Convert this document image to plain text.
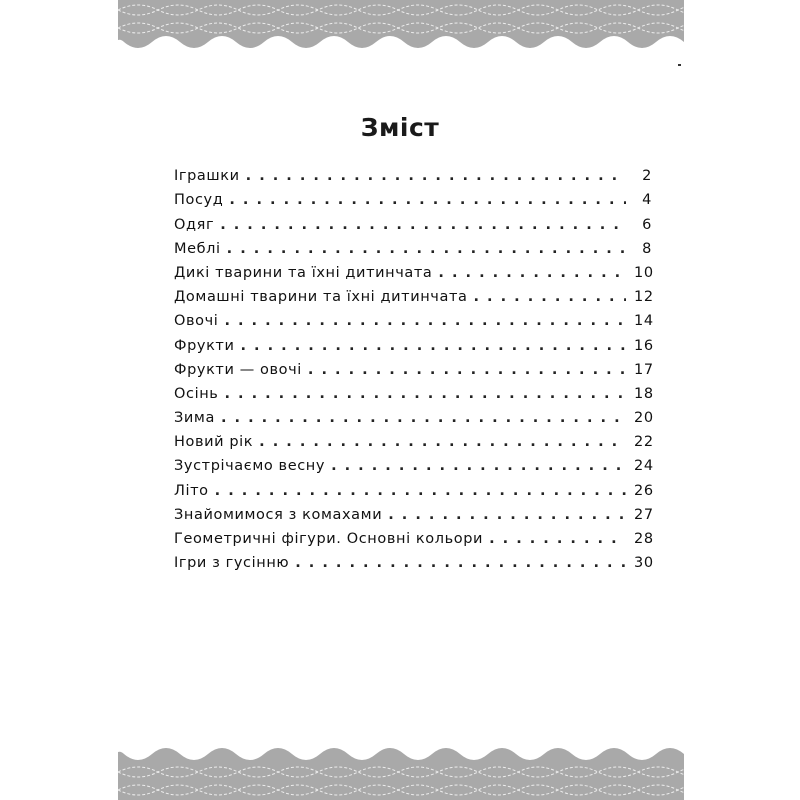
Зміст
Іграшки . . .	2
Посуд . . .	4
Одяг . . .	6
Меблі . . .	8
Дикі тварини та їхні дитинчата . . .	10
Домашні тварини та їхні дитинчата . . .	12
Овочі . . .	14
Фрукти . . .	16
Фрукти — овочі . . .	17
Осінь . . .	18
Зима . . .	20
Новий рік . . .	22
Зустрічаємо весну . . .	24
Літо . . .	26
Знайомимося з комахами . . .	27
Геометричні фігури. Основні кольори . . .	28
Ігри з гусінню . . .	30
